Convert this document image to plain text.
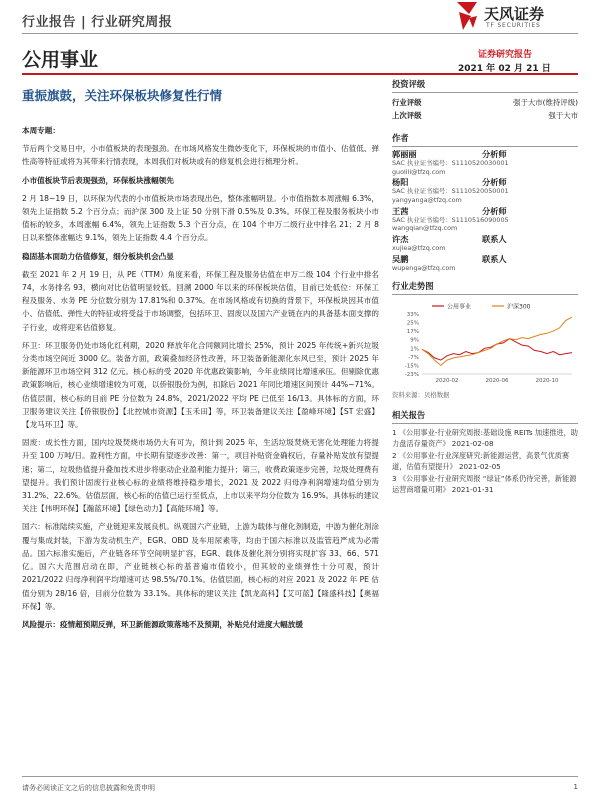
行业报告 | 行业研究周报	天风证券
TF SECURITIES
公用事业	证券研究报告
2021 年 02 月 21 日
重振旗鼓，关注环保板块修复性行情

本周专题：

节后两个交易日中，小市值板块的表现强劲。在市场风格发生微妙变化下，环保板块的市值小、估值低、弹性高等特征或将为其带来行情表现，本周我们对板块或有的修复机会进行梳理分析。

小市值板块节后表现强劲，环保板块涨幅领先

2 月 18~19 日，以环保为代表的小市值板块市场表现出色，整体涨幅明显。小市值指数本周涨幅 6.3%，领先上证指数 5.2 个百分点；而沪深 300 及上证 50 分别下滑 0.5%及 0.3%。环保工程及服务板块小市值标的较多，本周涨幅 6.4%，领先上证指数 5.3 个百分点，在 104 个申万二级行业中排名 21；2 月 8 日以来整体涨幅达 9.1%，领先上证指数 4.4 个百分点。

稳固基本面助力估值修复，细分板块机会凸显

截至 2021 年 2 月 19 日，从 PE（TTM）角度来看，环保工程及服务估值在申万二级 104 个行业中排名 74，水务排名 93，横向对比估值明显较低。回溯 2000 年以来的环保板块估值，目前已处低位：环保工程及服务、水务 PE 分位数分别为 17.81%和 0.37%。在市场风格或有切换的背景下，环保板块因其市值小、估值低、弹性大的特征或将受益于市场调整，包括环卫、固废以及国六产业链在内的具备基本面支撑的子行业，或将迎来估值修复。

环卫：环卫服务仍处市场化红利期，2020 释放年化合同额同比增长 25%，预计 2025 年传统+新兴垃圾分类市场空间近 3000 亿。装备方面，政策叠加经济性改善，环卫装备新能源化东风已至，预计 2025 年新能源环卫市场空间 312 亿元。核心标的受 2020 年优惠政策影响，今年业绩同比增速承压。但剔除优惠政策影响后，核心业绩增速较为可观，以侨银股份为例，扣除后 2021 年同比增速区间预计 44%~71%。估值层面，核心标的目前 PE 分位数为 24.8%，2021/2022 平均 PE 已低至 16/13。具体标的方面，环卫服务建议关注【侨银股份】【北控城市资源】【玉禾田】等，环卫装备建议关注【盈峰环境】【ST 宏盛】【龙马环卫】等。

固废：成长性方面，国内垃圾焚烧市场仍大有可为，预计到 2025 年，生活垃圾焚烧无害化处理能力将提升至 100 万吨/日。盈利性方面，中长期有望逐步改善：第一，项目补贴资金确权后，存量补贴发放有望提速；第二，垃圾热值提升叠加技术进步将驱动企业盈利能力提升；第三，收费政策逐步完善，垃圾处理费有望提升。我们预计固废行业核心标的业绩将维持稳步增长，2021 及 2022 归母净利润增速均值分别为 31.2%、22.6%。估值层面，核心标的估值已运行至低点，上市以来平均分位数为 16.9%。具体标的建议关注【伟明环保】【瀚蓝环境】【绿色动力】【高能环境】等。

国六：标准陆续实施，产业链迎来发展良机。纵观国六产业链，上游为载体与催化剂制造，中游为催化剂涂覆与集成封装，下游为发动机生产，EGR、OBD 及车用尿素等，均由于国六标准以及监管趋严成为必需品。国六标准实施后，产业链各环节空间明显扩容，EGR、载体及催化剂分别将实现扩容 33、66、571 亿。国六大范围启动在即，产业链核心标的基普遍市值较小，但其较的业绩弹性十分可观，预计 2021/2022 归母净利润平均增速可达 98.5%/70.1%。估值层面，核心标的对应 2021 及 2022 年 PE 估值分别为 28/16 倍，目前分位数为 33.1%。具体标的建议关注【凯龙高科】【艾可蓝】【隆盛科技】【奥福环保】等。

风险提示：疫情超预期反弹，环卫新能源政策落地不及预期，补贴兑付进度大幅放缓

投资评级
行业评级	强于大市(维持评级)
上次评级	强于大市
作者
郭丽丽	分析师
SAC 执业证书编号：S1110520030001
guolili@tfzq.com
杨阳	分析师
SAC 执业证书编号：S1110520050001
yangyanga@tfzq.com
王茜	分析师
SAC 执业证书编号：S1110516090005
wangqian@tfzq.com
许杰	联系人
xujiea@tfzq.com
吴鹏	联系人
wupenga@tfzq.com
行业走势图
公用事业	沪深300
33%
25%
17%
9%
1%
-7%
-15%
-23%
2020-02	2020-06	2020-10
资料来源：贝格数据
相关报告

1 《公用事业-行业研究周报:基础设施 REITs 加速推进，助力盘活存量资产》 2021-02-08

2 《公用事业-行业深度研究:新能源运营，高景气优质赛道，估值有望提升》 2021-02-05

3 《公用事业-行业研究周报 “绿证”体系仍待完善，新能源运营商增量可期》 2021-01-31

请务必阅读正文之后的信息披露和免责申明	1
